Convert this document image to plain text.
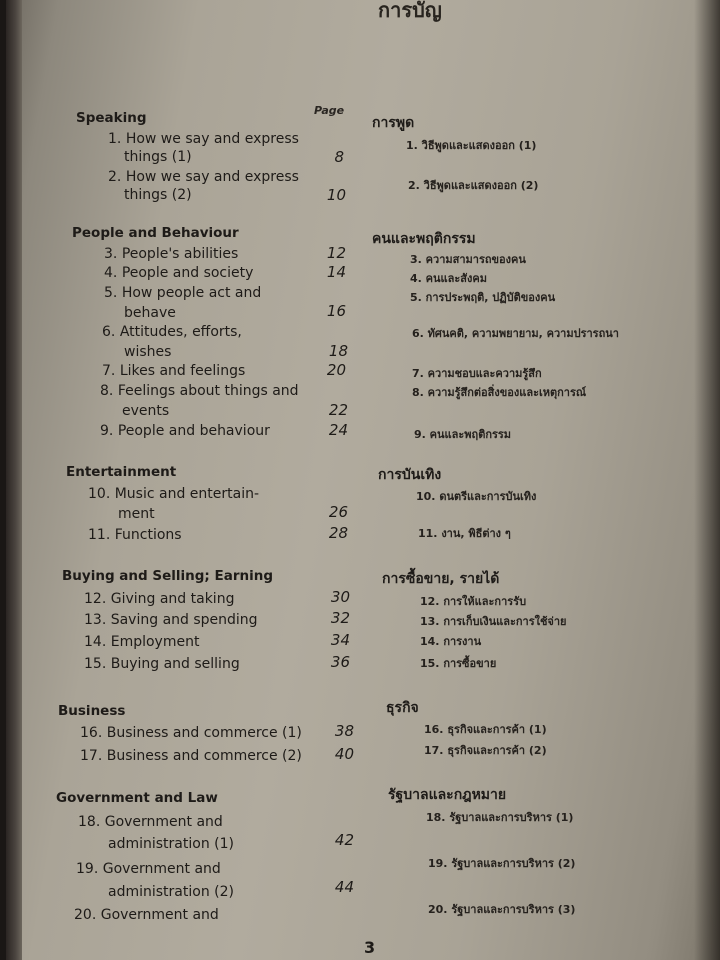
การบัญ
Page
Speaking
1. How we say and express
things (1)	8
2. How we say and express
things (2)	10
People and Behaviour
3. People's abilities	12
4. People and society	14
5. How people act and
behave	16
6. Attitudes, efforts,
wishes	18
7. Likes and feelings	20
8. Feelings about things and
events	22
9. People and behaviour	24
Entertainment
10. Music and entertain-
ment	26
11. Functions	28
Buying and Selling; Earning
12. Giving and taking	30
13. Saving and spending	32
14. Employment	34
15. Buying and selling	36
Business
16. Business and commerce (1)	38
17. Business and commerce (2)	40
Government and Law
18. Government and
administration (1)	42
19. Government and
administration (2)	44
20. Government and
การพูด
1. วิธีพูดและแสดงออก (1)
2. วิธีพูดและแสดงออก (2)
คนและพฤติกรรม
3. ความสามารถของคน
4. คนและสังคม
5. การประพฤติ, ปฏิบัติของคน
6. ทัศนคติ, ความพยายาม, ความปรารถนา
7. ความชอบและความรู้สึก
8. ความรู้สึกต่อสิ่งของและเหตุการณ์
9. คนและพฤติกรรม
การบันเทิง
10. ดนตรีและการบันเทิง
11. งาน, พิธีต่าง ๆ
การซื้อขาย, รายได้
12. การให้และการรับ
13. การเก็บเงินและการใช้จ่าย
14. การงาน
15. การซื้อขาย
ธุรกิจ
16. ธุรกิจและการค้า (1)
17. ธุรกิจและการค้า (2)
รัฐบาลและกฎหมาย
18. รัฐบาลและการบริหาร (1)
19. รัฐบาลและการบริหาร (2)
20. รัฐบาลและการบริหาร (3)
3
